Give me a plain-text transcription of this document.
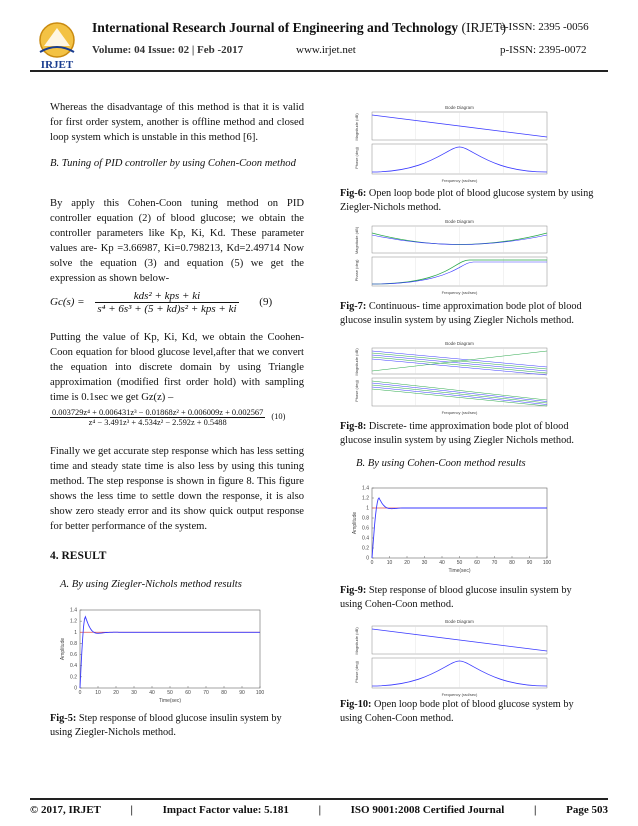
IRJET
International Research Journal of Engineering and Technology (IRJET)
e-ISSN: 2395 -0056
Volume: 04 Issue: 02 | Feb -2017	www.irjet.net	p-ISSN: 2395-0072
Whereas the disadvantage of this method is that it is valid for first order system, another is offline method and closed loop system which is unstable in this method [6].
B. Tuning of PID controller by using Cohen-Coon method
By apply this Cohen-Coon tuning method on PID controller equation (2) of blood glucose; we obtain the controller parameters like Kp, Ki, Kd. These parameter values are- Kp =3.66987, Ki=0.798213, Kd=2.49714 Now solve the equation (3) and equation (5) we get the expression as shown below-
$Gc(s) = \frac{\text{kds² + kps + ki}}{\text{s⁴ + 6s³ + (5 + kd)s² + kps + ki}} (9)$
Putting the value of Kp, Ki, Kd, we obtain the Coohen-Coon equation for blood glucose level,after that we convert the equation into discrete domain by using Triangle approximation (modified first order hold) with sampling time is 0.1sec we get Gz(z) –
$\frac{\text{0.003729z⁴ + 0.006431z³ − 0.01868z² + 0.006009z + 0.002567}}{\text{z⁴ − 3.491z³ + 4.534z² − 2.592z + 0.5488}} (10)$
Finally we get accurate step response which has less setting time and steady state time is also less by using this tuning method. The step response is shown in figure 8. This figure shows the less time to settle down the response, it is also show zero steady error and its show quick output response for better performance of the system.
4. RESULT
A. By using Ziegler-Nichols method results
0
0.2
0.4
0.6
0.8
1
1.2
1.4
0	10 20 30 40 50 60 70 80 90 100
Time(sec)
Amplitude
Fig-5: Step response of blood glucose insulin system by using Ziegler-Nichols method.
Bode Diagram
Magnitude (dB)
Phase (deg)
Frequency (rad/sec)
Fig-6: Open loop bode plot of blood glucose system by using Ziegler-Nichols method.
Bode Diagram
Magnitude (dB)
Phase (deg)
Frequency (rad/sec)
Fig-7: Continuous- time approximation bode plot of blood glucose insulin system by using Ziegler Nichols method.
Bode Diagram
Magnitude (dB)
Phase (deg)
Frequency (rad/sec)
Fig-8: Discrete- time approximation bode plot of blood glucose insulin system by using Ziegler Nichols method.
B. By using Cohen-Coon method results
0
0.2
0.4
0.6
0.8
1
1.2
1.4
0	10 20 30 40 50 60 70 80 90 100
Time(sec)
Amplitude
Fig-9: Step response of blood glucose insulin system by using Cohen-Coon method.
Bode Diagram
Magnitude (dB)
Phase (deg)
Frequency (rad/sec)
Fig-10: Open loop bode plot of blood glucose system by using Cohen-Coon method.
© 2017, IRJET	|	Impact Factor value: 5.181	|	ISO 9001:2008 Certified Journal	|	Page 503
